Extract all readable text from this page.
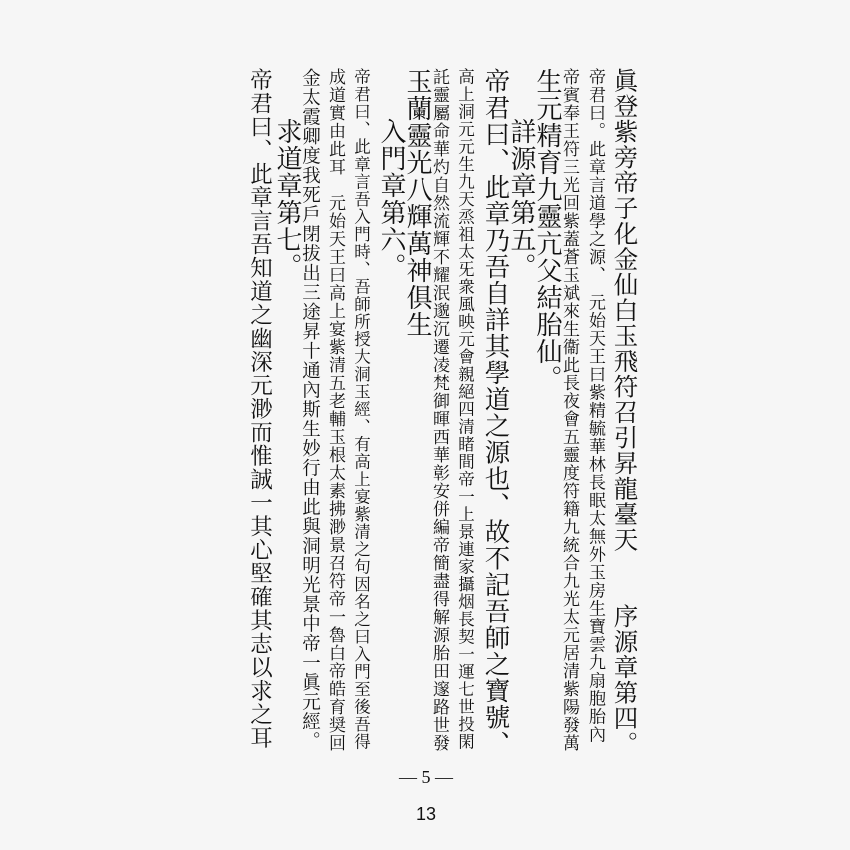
眞登紫旁帝子化金仙白玉飛符召引昇龍臺天　　序源章第四。
帝君曰。此章言道學之源、　元始天王曰紫精毓華林長眠太無外玉房生寶雲九扇胞胎內
帝賓奉王符三光回紫蓋蒼玉斌來生衞此長夜會五靈度符籍九統合九光太元居清紫陽發萬
生元精育九靈亢父結胎仙。
詳源章第五。
帝君曰、此章乃吾自詳其學道之源也、故不記吾師之寶號、
高上洞元元生九天烝祖太旡衆風映元會親絕四清睹間帝一上景連家攝烟長契一運七世投閑
託靈屬命華灼自然流輝不耀泯邈沉遷凌梵御暉西華彰安併編帝簡盡得解源胎田邃路世發
玉蘭靈光八輝萬神俱生
入門章第六。
帝君曰、此章言吾入門時、吾師所授大洞玉經、有高上宴紫清之句因名之曰入門至後吾得
成道實由此耳　元始天王曰高上宴紫清五老輔玉根太素拂渺景召符帝一魯白帝皓育奨回
金太霞卿度我死戶閉拔出三途昇十通內斯生妙行由此與洞明光景中帝一眞元經。
求道章第七。
帝君曰、此章言吾知道之幽深元渺而惟誠一其心堅確其志以求之耳
— 5 —
13
